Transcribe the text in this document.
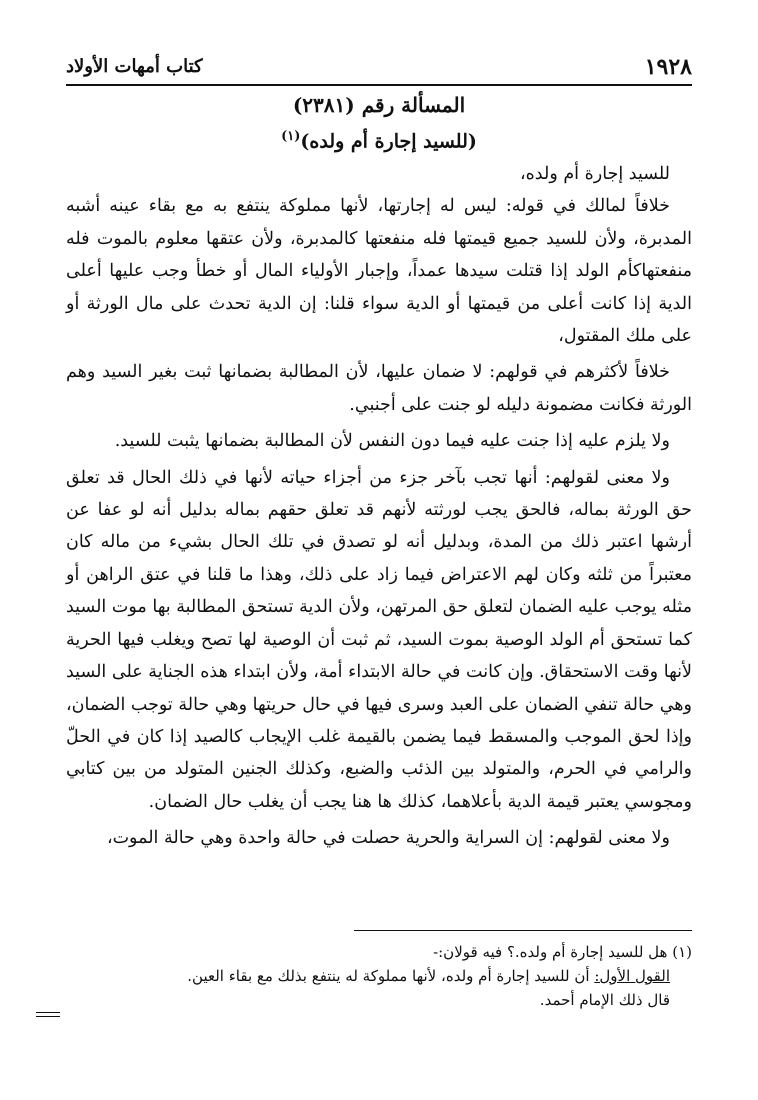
١٩٢٨
كتاب أمهات الأولاد
المسألة رقم (٢٣٨١)
(للسيد إجارة أم ولده)$^{(١)}$

للسيد إجارة أم ولده،

خلافاً لمالك في قوله: ليس له إجارتها، لأنها مملوكة ينتفع به مع بقاء عينه أشبه المدبرة، ولأن للسيد جميع قيمتها فله منفعتها كالمدبرة، ولأن عتقها معلوم بالموت فله منفعتهاكأم الولد إذا قتلت سيدها عمداً، وإجبار الأولياء المال أو خطأ وجب عليها أعلى الدية إذا كانت أعلى من قيمتها أو الدية سواء قلنا: إن الدية تحدث على مال الورثة أو على ملك المقتول،

خلافاً لأكثرهم في قولهم: لا ضمان عليها، لأن المطالبة بضمانها ثبت بغير السيد وهم الورثة فكانت مضمونة دليله لو جنت على أجنبي.

ولا يلزم عليه إذا جنت عليه فيما دون النفس لأن المطالبة بضمانها يثبت للسيد.

ولا معنى لقولهم: أنها تجب بآخر جزء من أجزاء حياته لأنها في ذلك الحال قد تعلق حق الورثة بماله، فالحق يجب لورثته لأنهم قد تعلق حقهم بماله بدليل أنه لو عفا عن أرشها اعتبر ذلك من المدة، وبدليل أنه لو تصدق في تلك الحال بشيء من ماله كان معتبراً من ثلثه وكان لهم الاعتراض فيما زاد على ذلك، وهذا ما قلنا في عتق الراهن أو مثله يوجب عليه الضمان لتعلق حق المرتهن، ولأن الدية تستحق المطالبة بها موت السيد كما تستحق أم الولد الوصية بموت السيد، ثم ثبت أن الوصية لها تصح ويغلب فيها الحرية لأنها وقت الاستحقاق. وإن كانت في حالة الابتداء أمة، ولأن ابتداء هذه الجناية على السيد وهي حالة تنفي الضمان على العبد وسرى فيها في حال حريتها وهي حالة توجب الضمان، وإذا لحق الموجب والمسقط فيما يضمن بالقيمة غلب الإيجاب كالصيد إذا كان في الحلّ والرامي في الحرم، والمتولد بين الذئب والضبع، وكذلك الجنين المتولد من بين كتابي ومجوسي يعتبر قيمة الدية بأعلاهما، كذلك ها هنا يجب أن يغلب حال الضمان.

ولا معنى لقولهم: إن السراية والحرية حصلت في حالة واحدة وهي حالة الموت،

(١) هل للسيد إجارة أم ولده.؟ فيه قولان:-

القول الأول: أن للسيد إجارة أم ولده، لأنها مملوكة له ينتفع بذلك مع بقاء العين.

قال ذلك الإمام أحمد.
